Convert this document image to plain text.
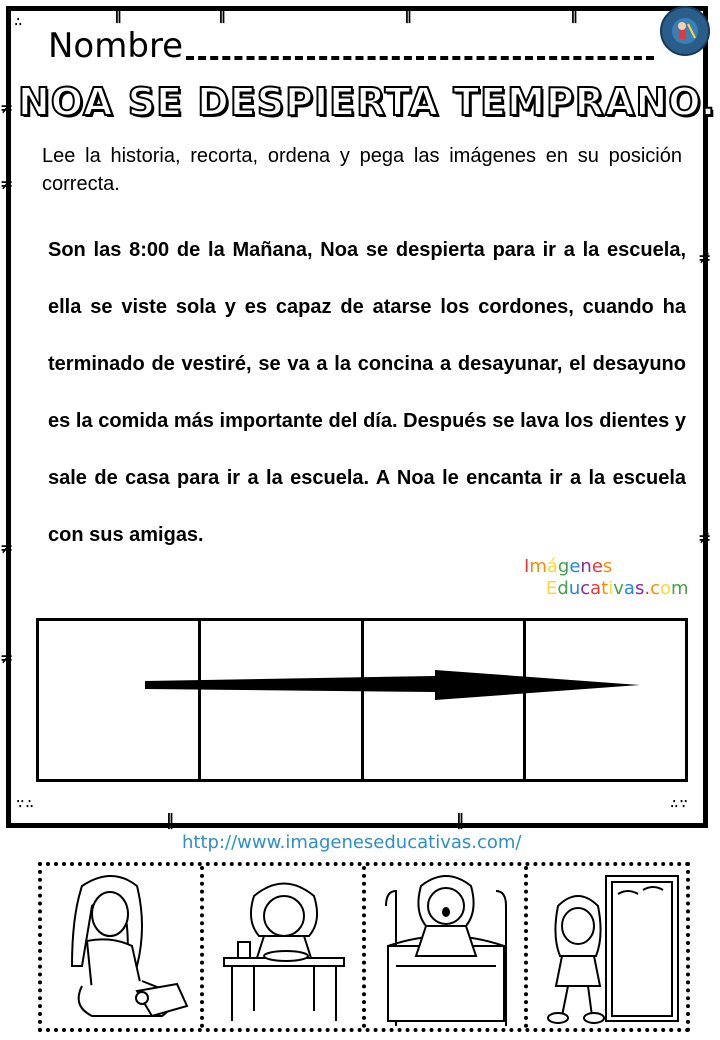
‖	‖	‖	‖
≠
≠
≠
≠
≠
≠
‖	‖
∴
∵∴	∴∵
Nombre
NOA SE DESPIERTA TEMPRANO.
Lee la historia, recorta, ordena y pega las imágenes en su posición correcta.
Son las 8:00 de la Mañana, Noa se despierta para ir a la escuela, ella se viste sola y es capaz de atarse los cordones, cuando ha terminado de vestiré, se va a la concina a desayunar, el desayuno es la comida más importante del día. Después se lava los dientes y sale de casa para ir a la escuela. A Noa le encanta ir a la escuela con sus amigas.
Imágenes
Educativas.com
http://www.imageneseducativas.com/
